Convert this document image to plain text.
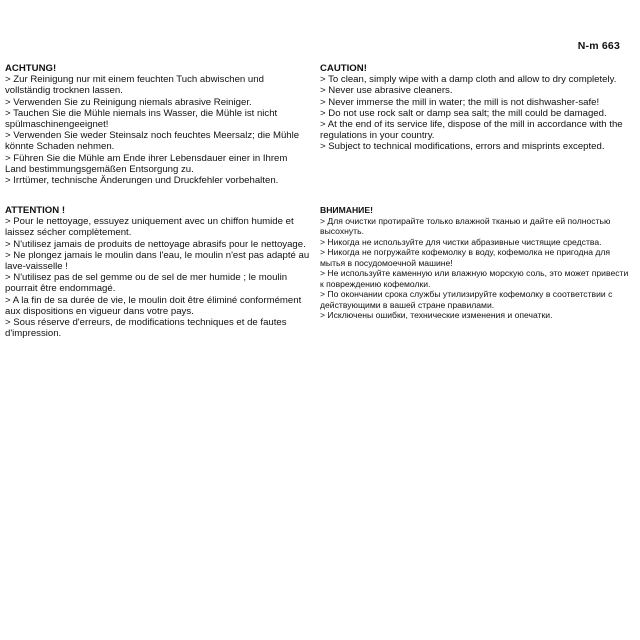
N-m 663
ACHTUNG!
> Zur Reinigung nur mit einem feuchten Tuch abwischen und vollständig trocknen lassen.
> Verwenden Sie zu Reinigung niemals abrasive Reiniger.
> Tauchen Sie die Mühle niemals ins Wasser, die Mühle ist nicht spülmaschinengeeignet!
> Verwenden Sie weder Steinsalz noch feuchtes Meersalz; die Mühle könnte Schaden nehmen.
> Führen Sie die Mühle am Ende ihrer Lebensdauer einer in Ihrem Land bestimmungsgemäßen Entsorgung zu.
> Irrtümer, technische Änderungen und Druckfehler vorbehalten.
CAUTION!
> To clean, simply wipe with a damp cloth and allow to dry completely.
> Never use abrasive cleaners.
> Never immerse the mill in water; the mill is not dishwasher-safe!
> Do not use rock salt or damp sea salt; the mill could be damaged.
> At the end of its service life, dispose of the mill in accordance with the regulations in your country.
> Subject to technical modifications, errors and misprints excepted.
ATTENTION !
> Pour le nettoyage, essuyez uniquement avec un chiffon humide et laissez sécher complètement.
> N'utilisez jamais de produits de nettoyage abrasifs pour le nettoyage.
> Ne plongez jamais le moulin dans l'eau, le moulin n'est pas adapté au lave-vaisselle !
> N'utilisez pas de sel gemme ou de sel de mer humide ; le moulin pourrait être endommagé.
> A la fin de sa durée de vie, le moulin doit être éliminé conformément aux dispositions en vigueur dans votre pays.
> Sous réserve d'erreurs, de modifications techniques et de fautes d'impression.
ВНИМАНИЕ!
> Для очистки протирайте только влажной тканью и дайте ей полностью высохнуть.
> Никогда не используйте для чистки абразивные чистящие средства.
> Никогда не погружайте кофемолку в воду, кофемолка не пригодна для мытья в посудомоечной машине!
> Не используйте каменную или влажную морскую соль, это может привести к повреждению кофемолки.
> По окончании срока службы утилизируйте кофемолку в соответствии с действующими в вашей стране правилами.
> Исключены ошибки, технические изменения и опечатки.
